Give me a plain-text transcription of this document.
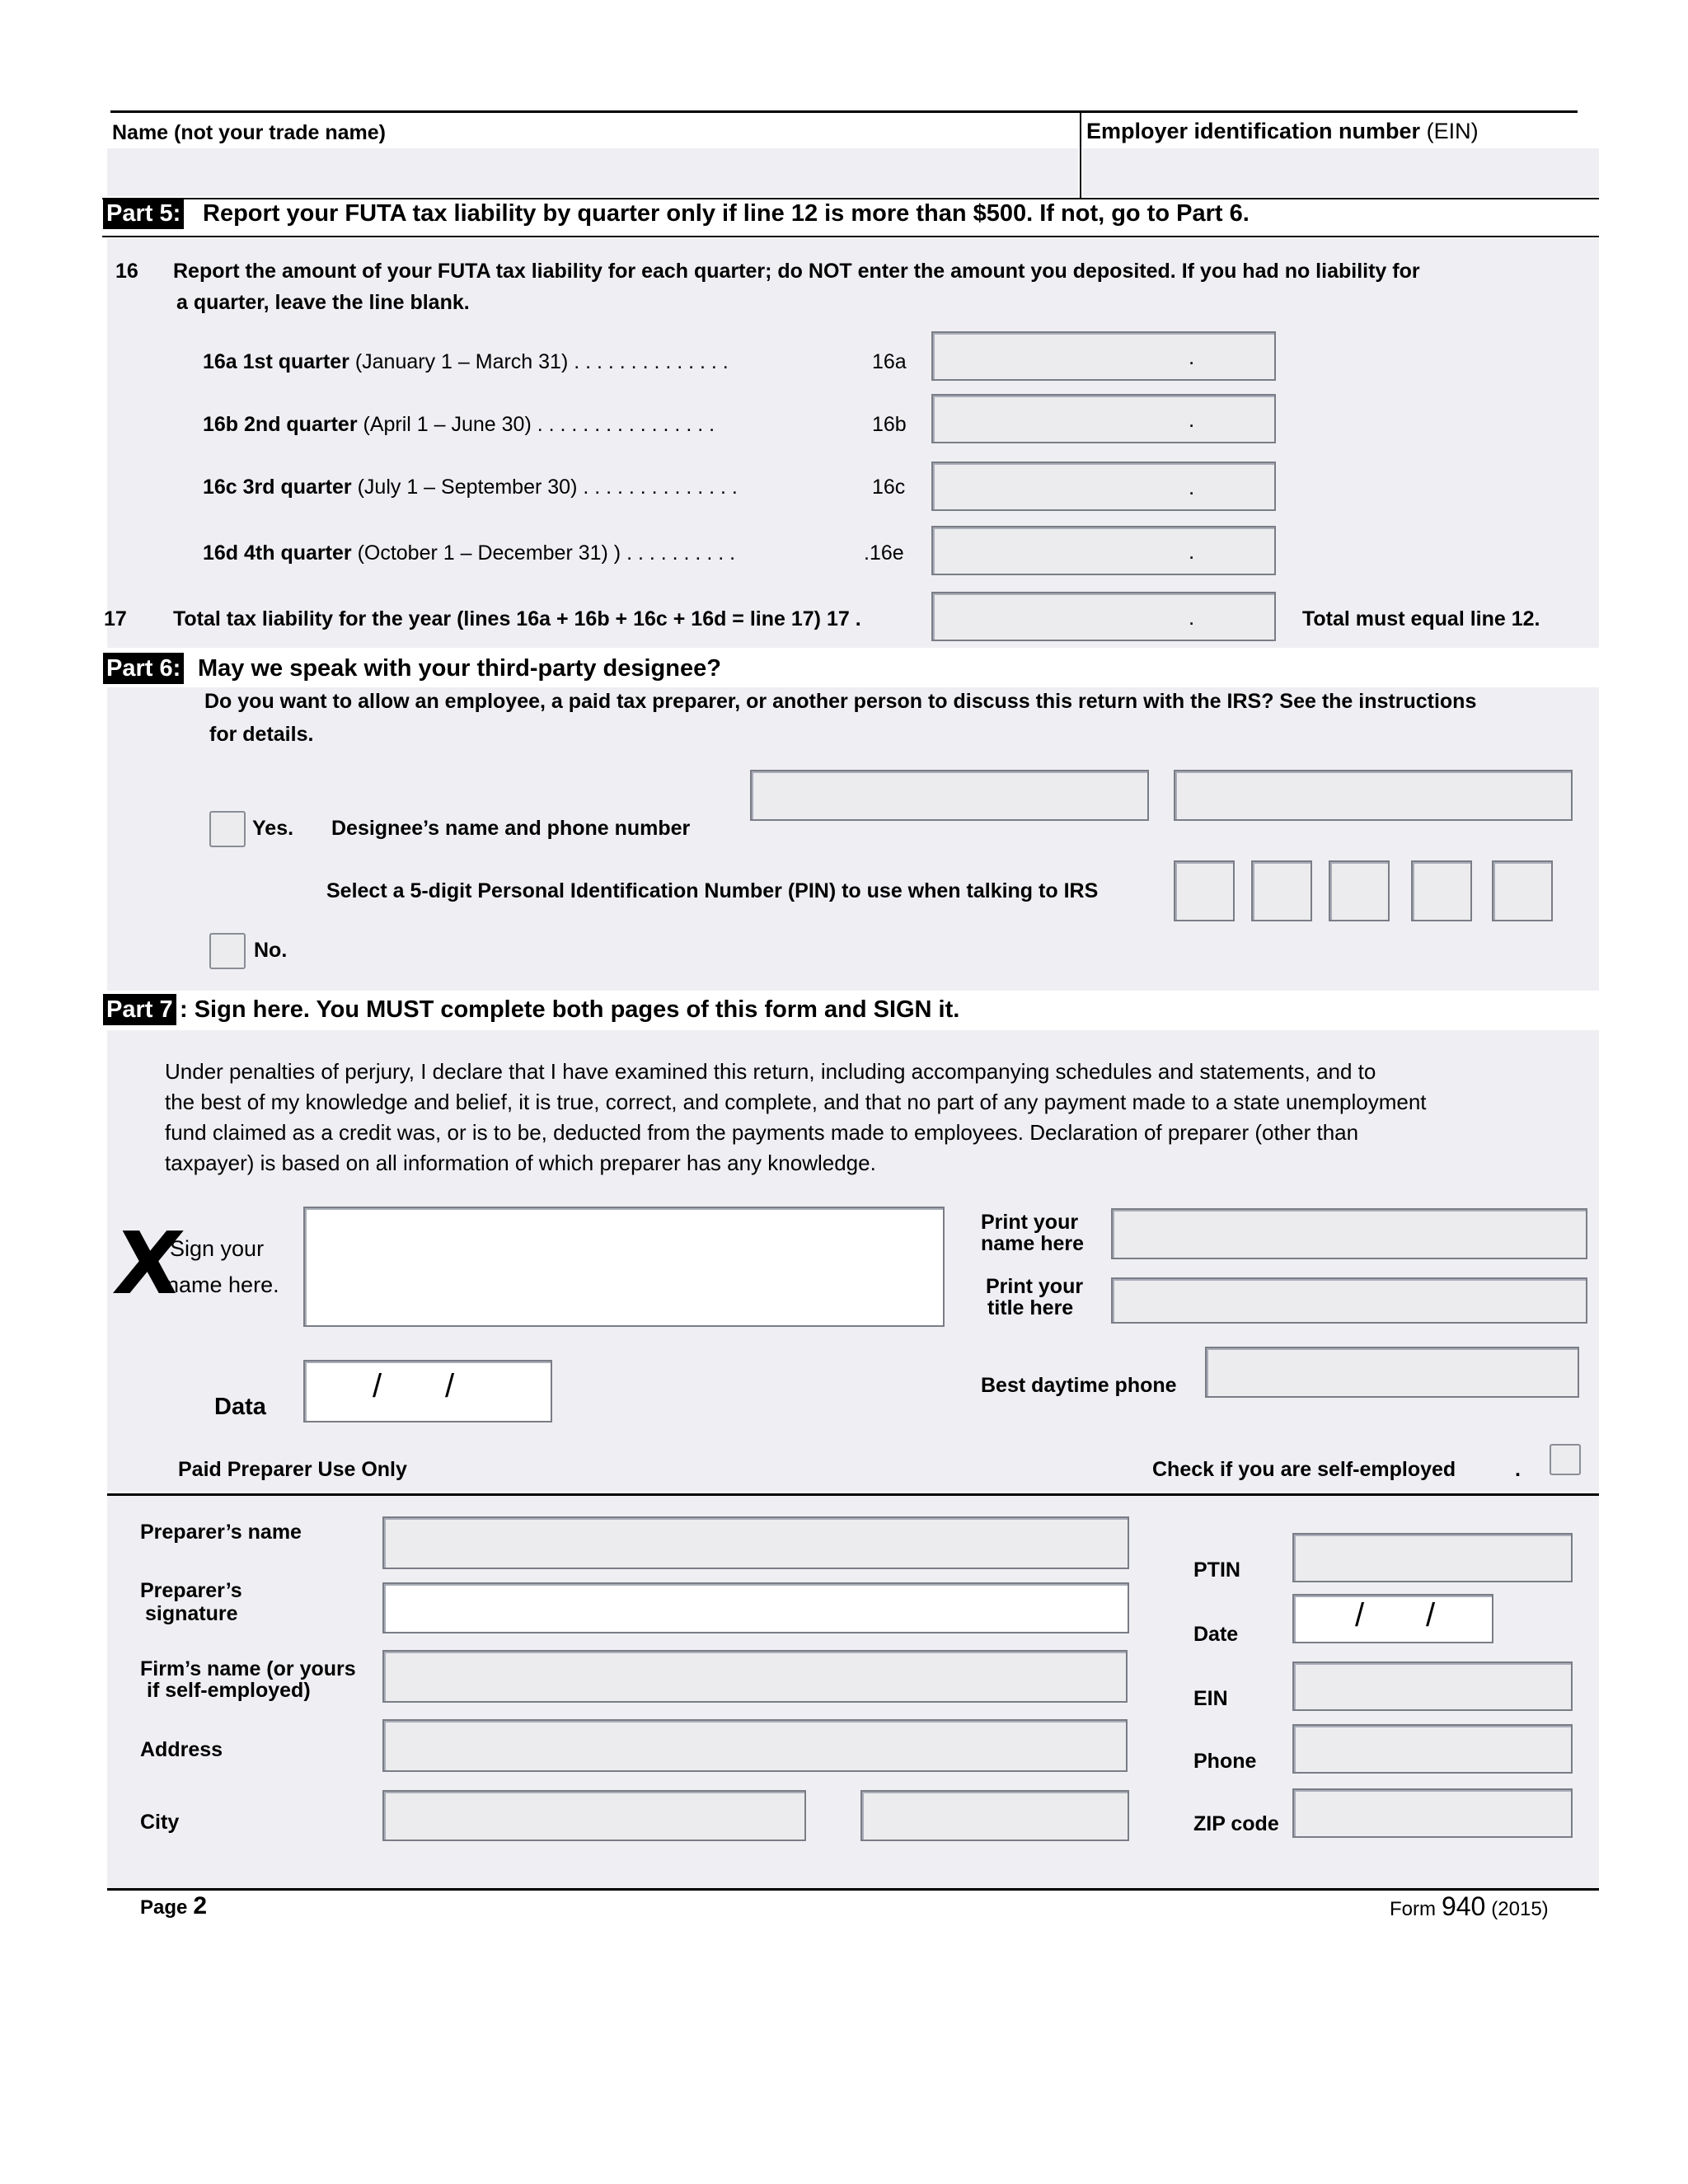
Name (not your trade name)	Employer identification number (EIN)
Part 5: Report your FUTA tax liability by quarter only if line 12 is more than $500. If not, go to Part 6.
16 Report the amount of your FUTA tax liability for each quarter; do NOT enter the amount you deposited. If you had no liability for
a quarter, leave the line blank.
16a 1st quarter (January 1 – March 31) . . . . . . . . . . . . . .	16a	.
16b 2nd quarter (April 1 – June 30) . . . . . . . . . . . . . . . .	16b	.
16c 3rd quarter (July 1 – September 30) . . . . . . . . . . . . . .	16c	.
16d 4th quarter (October 1 – December 31) ) . . . . . . . . . .	.16e	.
17 Total tax liability for the year (lines 16a + 16b + 16c + 16d = line 17) 17 .	.	Total must equal line 12.
Part 6: May we speak with your third-party designee?
Do you want to allow an employee, a paid tax preparer, or another person to discuss this return with the IRS? See the instructions
for details.
Yes. Designee’s name and phone number
Select a 5-digit Personal Identification Number (PIN) to use when talking to IRS
No.
Part 7 : Sign here. You MUST complete both pages of this form and SIGN it.
Under penalties of perjury, I declare that I have examined this return, including accompanying schedules and statements, and to
the best of my knowledge and belief, it is true, correct, and complete, and that no part of any payment made to a state unemployment
fund claimed as a credit was, or is to be, deducted from the payments made to employees. Declaration of preparer (other than
taxpayer) is based on all information of which preparer has any knowledge.
X
Sign your
name here.
Print your
name here
Print your
title here
Data
/ /	Best daytime phone
Paid Preparer Use Only	Check if you are self-employed	.
Preparer’s name
Preparer’s
signature
Firm’s name (or yours
if self-employed)
Address
City
PTIN
Date
/ /
EIN
Phone
ZIP code
Page 2	Form 940 (2015)
